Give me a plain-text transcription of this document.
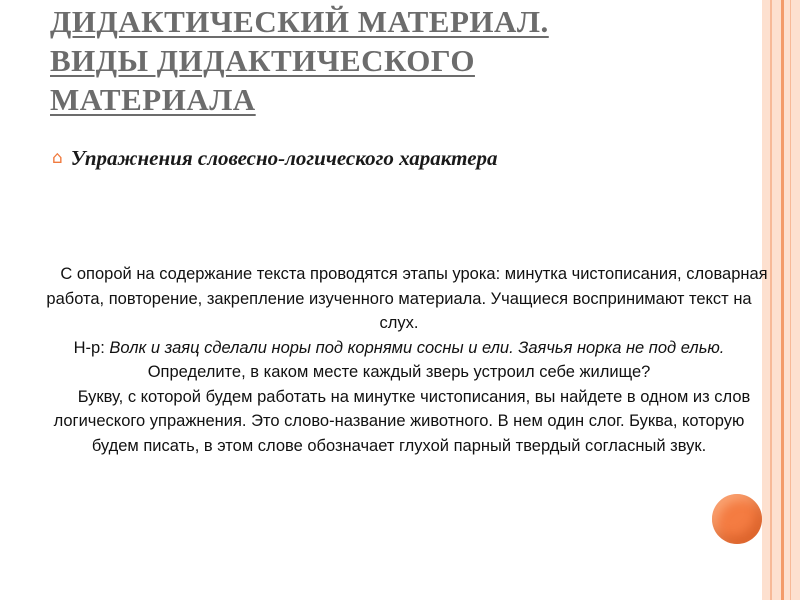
ДИДАКТИЧЕСКИЙ МАТЕРИАЛ.
ВИДЫ ДИДАКТИЧЕСКОГО
МАТЕРИАЛА
⌂ Упражнения словесно-логического характера

С опорой на содержание текста проводятся этапы урока: минутка чистописания, словарная работа, повторение, закрепление изученного материала. Учащиеся воспринимают текст на слух.

Н-р: Волк и заяц сделали норы под корнями сосны и ели. Заячья норка не под елью.

Определите, в каком месте каждый зверь устроил себе жилище?

Букву, с которой будем работать на минутке чистописания, вы найдете в одном из слов логического упражнения. Это слово-название животного. В нем один слог. Буква, которую будем писать, в этом слове обозначает глухой парный твердый согласный звук.
